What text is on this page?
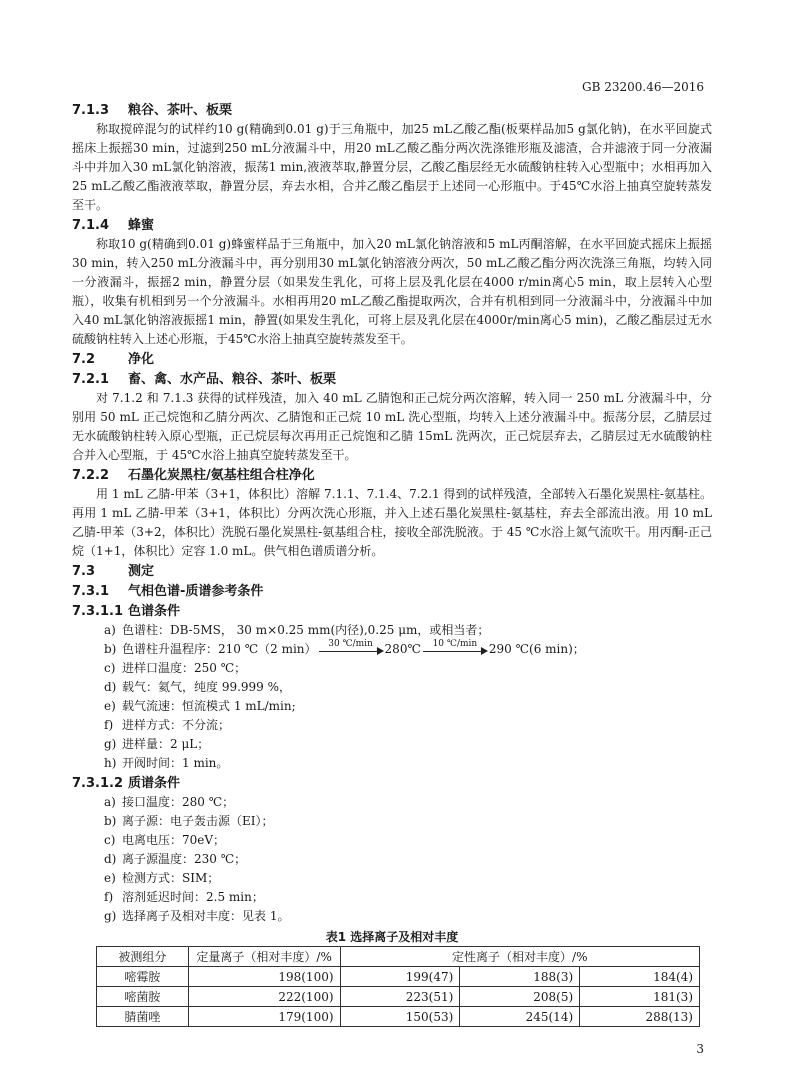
GB 23200.46—2016
7.1.3 粮谷、茶叶、板栗
称取搅碎混匀的试样约10 g(精确到0.01 g)于三角瓶中，加25 mL乙酸乙酯(板栗样品加5 g氯化钠)，在水平回旋式摇床上振摇30 min，过滤到250 mL分液漏斗中，用20 mL乙酸乙酯分两次洗涤锥形瓶及滤渣，合并滤液于同一分液漏斗中并加入30 mL氯化钠溶液，振荡1 min,液液萃取,静置分层，乙酸乙酯层经无水硫酸钠柱转入心型瓶中；水相再加入25 mL乙酸乙酯液液萃取，静置分层，弃去水相，合并乙酸乙酯层于上述同一心形瓶中。于45℃水浴上抽真空旋转蒸发至干。
7.1.4 蜂蜜
称取10 g(精确到0.01 g)蜂蜜样品于三角瓶中，加入20 mL氯化钠溶液和5 mL丙酮溶解，在水平回旋式摇床上振摇30 min，转入250 mL分液漏斗中，再分别用30 mL氯化钠溶液分两次，50 mL乙酸乙酯分两次洗涤三角瓶，均转入同一分液漏斗，振摇2 min，静置分层（如果发生乳化，可将上层及乳化层在4000 r/min离心5 min，取上层转入心型瓶），收集有机相到另一个分液漏斗。水相再用20 mL乙酸乙酯提取两次，合并有机相到同一分液漏斗中，分液漏斗中加入40 mL氯化钠溶液振摇1 min，静置(如果发生乳化，可将上层及乳化层在4000r/min离心5 min)，乙酸乙酯层过无水硫酸钠柱转入上述心形瓶，于45℃水浴上抽真空旋转蒸发至干。
7.2	净化
7.2.1 畜、禽、水产品、粮谷、茶叶、板栗
对 7.1.2 和 7.1.3 获得的试样残渣，加入 40 mL 乙腈饱和正己烷分两次溶解，转入同一 250 mL 分液漏斗中，分别用 50 mL 正己烷饱和乙腈分两次、乙腈饱和正己烷 10 mL 洗心型瓶，均转入上述分液漏斗中。振荡分层，乙腈层过无水硫酸钠柱转入原心型瓶，正己烷层每次再用正己烷饱和乙腈 15mL 洗两次，正己烷层弃去，乙腈层过无水硫酸钠柱合并入心型瓶，于 45℃水浴上抽真空旋转蒸发至干。
7.2.2 石墨化炭黑柱/氨基柱组合柱净化
用 1 mL 乙腈-甲苯（3+1，体积比）溶解 7.1.1、7.1.4、7.2.1 得到的试样残渣，全部转入石墨化炭黑柱-氨基柱。再用 1 mL 乙腈-甲苯（3+1，体积比）分两次洗心形瓶，并入上述石墨化炭黑柱-氨基柱，弃去全部流出液。用 10 mL 乙腈-甲苯（3+2，体积比）洗脱石墨化炭黑柱-氨基组合柱，接收全部洗脱液。于 45 ℃水浴上氮气流吹干。用丙酮-正己烷（1+1，体积比）定容 1.0 mL。供气相色谱质谱分析。
7.3	测定
7.3.1 气相色谱-质谱参考条件
7.3.1.1 色谱条件
a) 色谱柱：DB-5MS， 30 m×0.25 mm(内径),0.25 μm，或相当者；
b) 色谱柱升温程序：210 ℃（2 min）	30 ℃/min 280℃	10 ℃/min 290 ℃(6 min)；
c) 进样口温度：250 ℃；
d) 载气：氦气，纯度 99.999 %，
e) 载气流速：恒流模式 1 mL/min;
f) 进样方式：不分流；
g) 进样量：2 μL；
h) 开阀时间：1 min。
7.3.1.2 质谱条件
a) 接口温度：280 ℃；
b) 离子源：电子轰击源（EI）；
c) 电离电压：70eV；
d) 离子源温度：230 ℃；
e) 检测方式：SIM；
f) 溶剂延迟时间：2.5 min；
g) 选择离子及相对丰度：见表 1。
表1 选择离子及相对丰度
被测组分	定量离子（相对丰度）/%	定性离子（相对丰度）/%		
嘧霉胺	198(100)	199(47)	188(3)	184(4)
嘧菌胺	222(100)	223(51)	208(5)	181(3)
腈菌唑	179(100)	150(53)	245(14)	288(13)
3
